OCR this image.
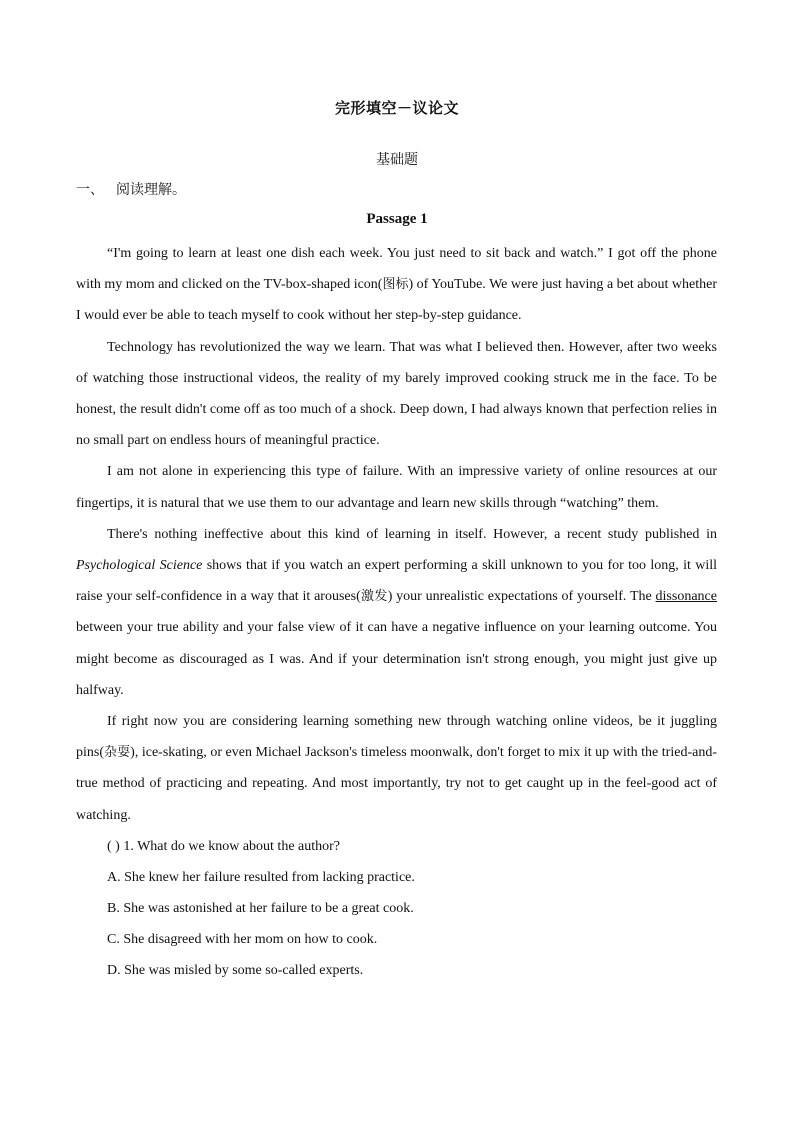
完形填空－议论文
基础题
一、 阅读理解。
Passage 1

“I'm going to learn at least one dish each week. You just need to sit back and watch.” I got off the phone with my mom and clicked on the TV-box-shaped icon(图标) of YouTube. We were just having a bet about whether I would ever be able to teach myself to cook without her step-by-step guidance.

Technology has revolutionized the way we learn. That was what I believed then. However, after two weeks of watching those instructional videos, the reality of my barely improved cooking struck me in the face. To be honest, the result didn't come off as too much of a shock. Deep down, I had always known that perfection relies in no small part on endless hours of meaningful practice.

I am not alone in experiencing this type of failure. With an impressive variety of online resources at our fingertips, it is natural that we use them to our advantage and learn new skills through “watching” them.

There's nothing ineffective about this kind of learning in itself. However, a recent study published in Psychological Science shows that if you watch an expert performing a skill unknown to you for too long, it will raise your self-confidence in a way that it arouses(激发) your unrealistic expectations of yourself. The dissonance between your true ability and your false view of it can have a negative influence on your learning outcome. You might become as discouraged as I was. And if your determination isn't strong enough, you might just give up halfway.

If right now you are considering learning something new through watching online videos, be it juggling pins(杂耍), ice-skating, or even Michael Jackson's timeless moonwalk, don't forget to mix it up with the tried-and-true method of practicing and repeating. And most importantly, try not to get caught up in the feel-good act of watching.

( ) 1. What do we know about the author?

A. She knew her failure resulted from lacking practice.

B. She was astonished at her failure to be a great cook.

C. She disagreed with her mom on how to cook.

D. She was misled by some so-called experts.
